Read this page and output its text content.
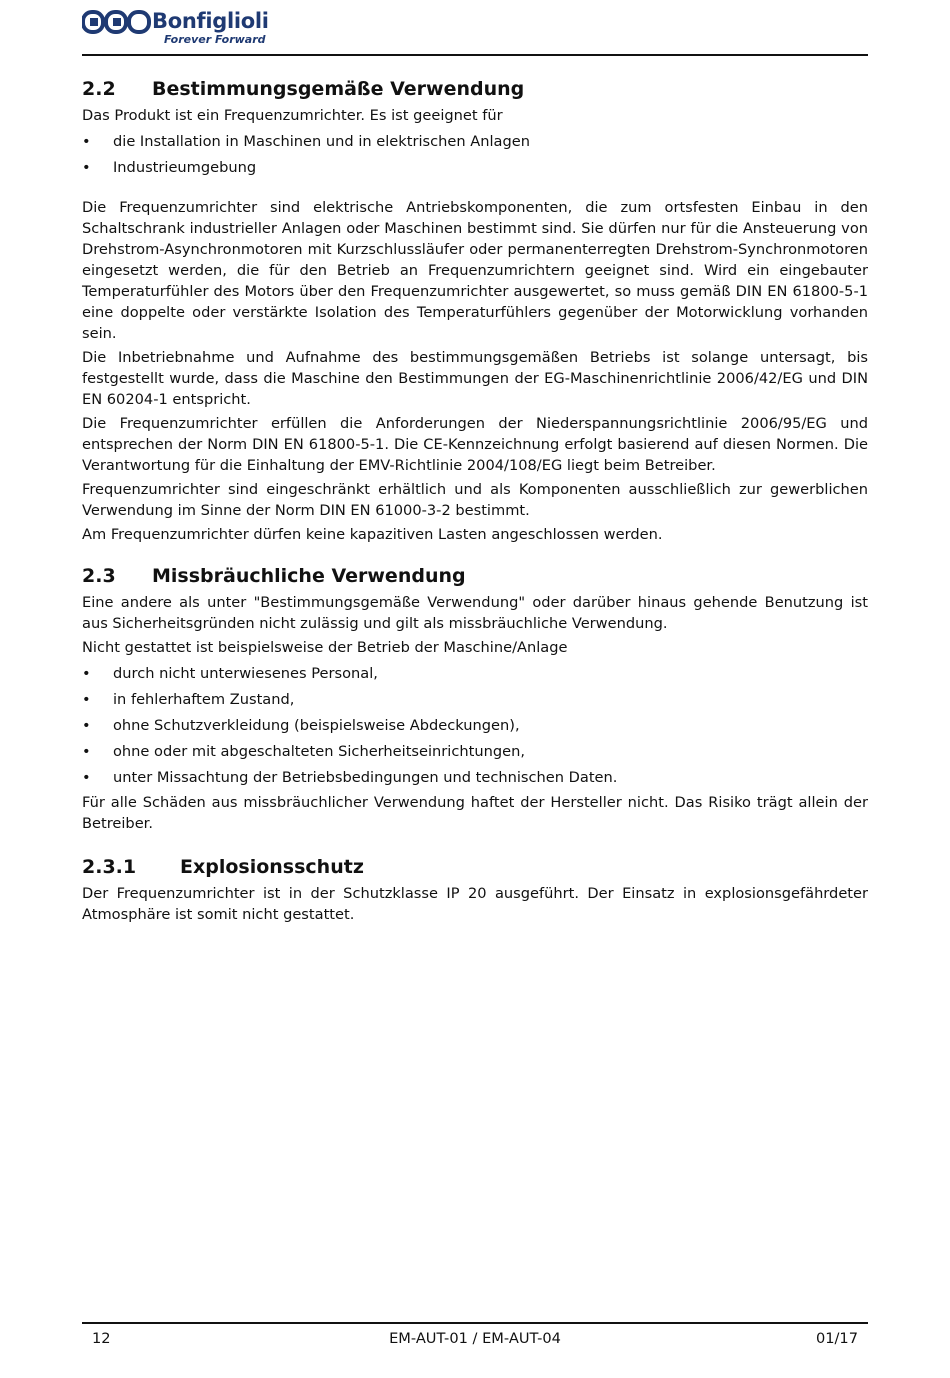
Bonfiglioli
Forever Forward
2.2	Bestimmungsgemäße Verwendung

Das Produkt ist ein Frequenzumrichter. Es ist geeignet für

• die Installation in Maschinen und in elektrischen Anlagen
• Industrieumgebung

Die Frequenzumrichter sind elektrische Antriebskomponenten, die zum ortsfesten Einbau in den Schaltschrank industrieller Anlagen oder Maschinen bestimmt sind. Sie dürfen nur für die Ansteuerung von Drehstrom-Asynchronmotoren mit Kurzschlussläufer oder permanenterregten Drehstrom-Synchronmotoren eingesetzt werden, die für den Betrieb an Frequenzumrichtern geeignet sind. Wird ein eingebauter Temperaturfühler des Motors über den Frequenzumrichter ausgewertet, so muss gemäß DIN EN 61800-5-1 eine doppelte oder verstärkte Isolation des Temperaturfühlers gegenüber der Motorwicklung vorhanden sein.

Die Inbetriebnahme und Aufnahme des bestimmungsgemäßen Betriebs ist solange untersagt, bis festgestellt wurde, dass die Maschine den Bestimmungen der EG-Maschinenrichtlinie 2006/42/EG und DIN EN 60204-1 entspricht.

Die Frequenzumrichter erfüllen die Anforderungen der Niederspannungsrichtlinie 2006/95/EG und entsprechen der Norm DIN EN 61800-5-1. Die CE-Kennzeichnung erfolgt basierend auf diesen Normen. Die Verantwortung für die Einhaltung der EMV-Richtlinie 2004/108/EG liegt beim Betreiber.

Frequenzumrichter sind eingeschränkt erhältlich und als Komponenten ausschließlich zur gewerblichen Verwendung im Sinne der Norm DIN EN 61000-3-2 bestimmt.

Am Frequenzumrichter dürfen keine kapazitiven Lasten angeschlossen werden.

2.3	Missbräuchliche Verwendung

Eine andere als unter "Bestimmungsgemäße Verwendung" oder darüber hinaus gehende Benutzung ist aus Sicherheitsgründen nicht zulässig und gilt als missbräuchliche Verwendung.

Nicht gestattet ist beispielsweise der Betrieb der Maschine/Anlage

• durch nicht unterwiesenes Personal,
• in fehlerhaftem Zustand,
• ohne Schutzverkleidung (beispielsweise Abdeckungen),
• ohne oder mit abgeschalteten Sicherheitseinrichtungen,
• unter Missachtung der Betriebsbedingungen und technischen Daten.

Für alle Schäden aus missbräuchlicher Verwendung haftet der Hersteller nicht. Das Risiko trägt allein der Betreiber.

2.3.1	Explosionsschutz

Der Frequenzumrichter ist in der Schutzklasse IP 20 ausgeführt. Der Einsatz in explosionsgefährdeter Atmosphäre ist somit nicht gestattet.

EM-AUT-01 / EM-AUT-04
12	01/17
